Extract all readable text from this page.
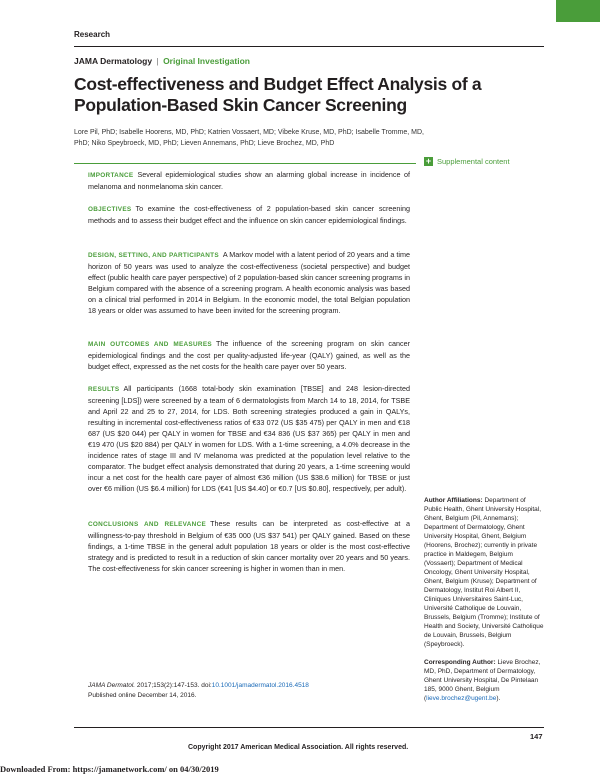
Research
JAMA Dermatology | Original Investigation
Cost-effectiveness and Budget Effect Analysis of a Population-Based Skin Cancer Screening
Lore Pil, PhD; Isabelle Hoorens, MD, PhD; Katrien Vossaert, MD; Vibeke Kruse, MD, PhD; Isabelle Tromme, MD, PhD; Niko Speybroeck, MD, PhD; Lieven Annemans, PhD; Lieve Brochez, MD, PhD
+ Supplemental content
IMPORTANCE Several epidemiological studies show an alarming global increase in incidence of melanoma and nonmelanoma skin cancer.
OBJECTIVES To examine the cost-effectiveness of 2 population-based skin cancer screening methods and to assess their budget effect and the influence on skin cancer epidemiological findings.
DESIGN, SETTING, AND PARTICIPANTS A Markov model with a latent period of 20 years and a time horizon of 50 years was used to analyze the cost-effectiveness (societal perspective) and budget effect (public health care payer perspective) of 2 population-based skin cancer screening programs in Belgium compared with the absence of a screening program. A health economic analysis was based on a clinical trial performed in 2014 in Belgium. In the economic model, the total Belgian population 18 years or older was assumed to have been invited for the screening program.
MAIN OUTCOMES AND MEASURES The influence of the screening program on skin cancer epidemiological findings and the cost per quality-adjusted life-year (QALY) gained, as well as the budget effect, expressed as the net costs for the health care payer over 50 years.
RESULTS All participants (1668 total-body skin examination [TBSE] and 248 lesion-directed screening [LDS]) were screened by a team of 6 dermatologists from March 14 to 18, 2014, for TSBE and April 22 and 25 to 27, 2014, for LDS. Both screening strategies produced a gain in QALYs, resulting in incremental cost-effectiveness ratios of €33 072 (US $35 475) per QALY in men and €18 687 (US $20 044) per QALY in women for TBSE and €34 836 (US $37 365) per QALY in men and €19 470 (US $20 884) per QALY in women for LDS. With a 1-time screening, a 4.0% decrease in the incidence rates of stage III and IV melanoma was predicted at the population level relative to the comparator. The budget effect analysis demonstrated that during 20 years, a 1-time screening would incur a net cost for the health care payer of almost €36 million (US $38.6 million) for TBSE or just over €6 million (US $6.4 million) for LDS (€41 [US $4.40] or €0.7 [US $0.80], respectively, per adult).
CONCLUSIONS AND RELEVANCE These results can be interpreted as cost-effective at a willingness-to-pay threshold in Belgium of €35 000 (US $37 541) per QALY gained. Based on these findings, a 1-time TBSE in the general adult population 18 years or older is the most cost-effective strategy and is predicted to result in a reduction of skin cancer mortality over 20 years and 50 years. The cost-effectiveness for skin cancer screening is higher in women than in men.
JAMA Dermatol. 2017;153(2):147-153. doi:10.1001/jamadermatol.2016.4518
Published online December 14, 2016.
Author Affiliations: Department of Public Health, Ghent University Hospital, Ghent, Belgium (Pil, Annemans); Department of Dermatology, Ghent University Hospital, Ghent, Belgium (Hoorens, Brochez); currently in private practice in Maldegem, Belgium (Vossaert); Department of Medical Oncology, Ghent University Hospital, Ghent, Belgium (Kruse); Department of Dermatology, Institut Roi Albert II, Cliniques Universitaires Saint-Luc, Université Catholique de Louvain, Brussels, Belgium (Tromme); Institute of Health and Society, Université Catholique de Louvain, Brussels, Belgium (Speybroeck).
Corresponding Author: Lieve Brochez, MD, PhD, Department of Dermatology, Ghent University Hospital, De Pintelaan 185, 9000 Ghent, Belgium (lieve.brochez@ugent.be).
147
Copyright 2017 American Medical Association. All rights reserved.
Downloaded From: https://jamanetwork.com/ on 04/30/2019
